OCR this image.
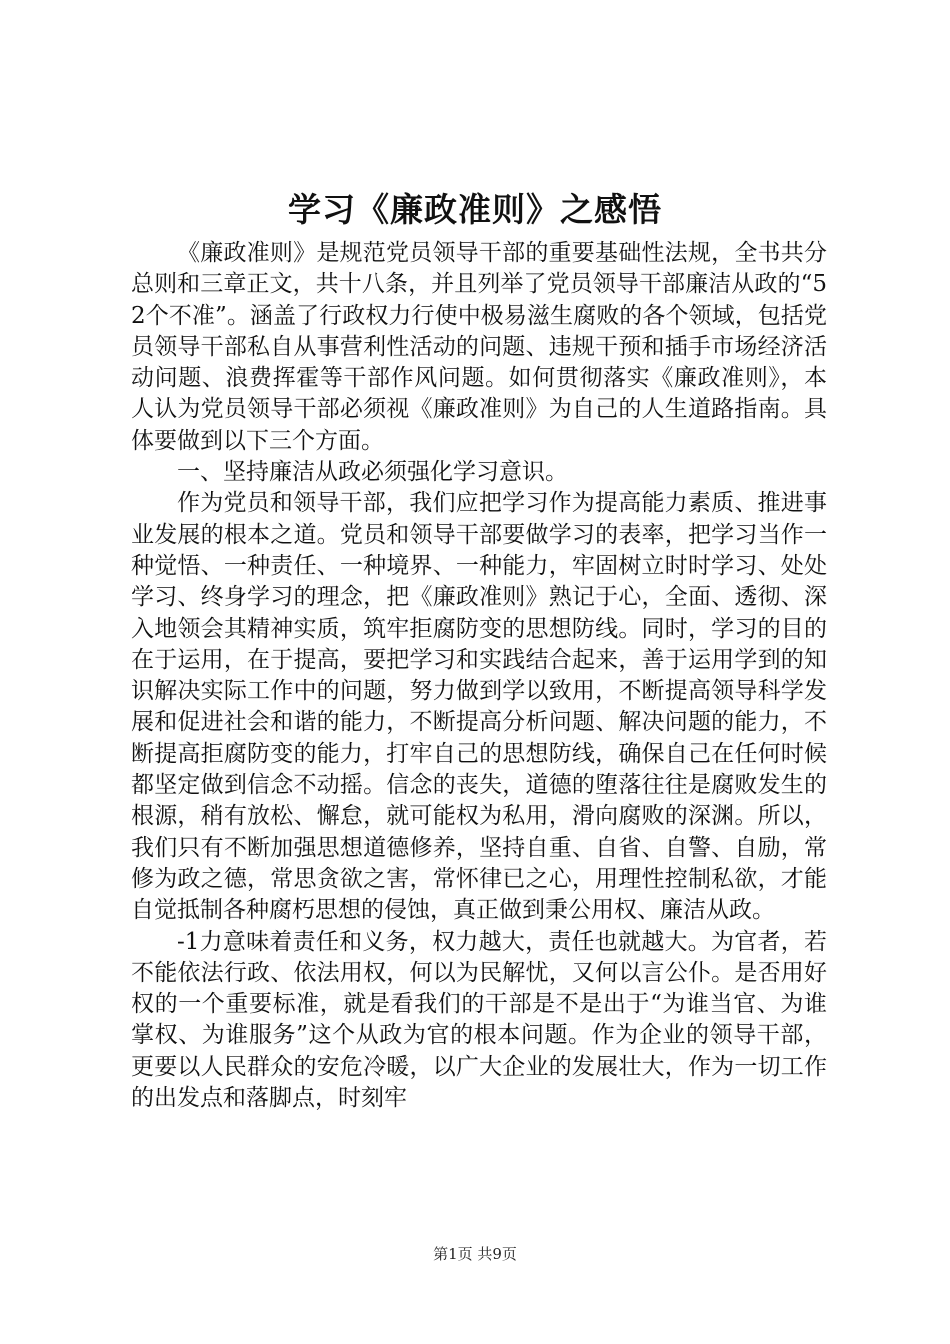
学习《廉政准则》之感悟

《廉政准则》是规范党员领导干部的重要基础性法规，全书共分总则和三章正文，共十八条，并且列举了党员领导干部廉洁从政的“52个不准”。涵盖了行政权力行使中极易滋生腐败的各个领域，包括党员领导干部私自从事营利性活动的问题、违规干预和插手市场经济活动问题、浪费挥霍等干部作风问题。如何贯彻落实《廉政准则》，本人认为党员领导干部必须视《廉政准则》为自己的人生道路指南。具体要做到以下三个方面。

一、坚持廉洁从政必须强化学习意识。

作为党员和领导干部，我们应把学习作为提高能力素质、推进事业发展的根本之道。党员和领导干部要做学习的表率，把学习当作一种觉悟、一种责任、一种境界、一种能力，牢固树立时时学习、处处学习、终身学习的理念，把《廉政准则》熟记于心，全面、透彻、深入地领会其精神实质，筑牢拒腐防变的思想防线。同时，学习的目的在于运用，在于提高，要把学习和实践结合起来，善于运用学到的知识解决实际工作中的问题，努力做到学以致用，不断提高领导科学发展和促进社会和谐的能力，不断提高分析问题、解决问题的能力，不断提高拒腐防变的能力，打牢自己的思想防线，确保自己在任何时候都坚定做到信念不动摇。信念的丧失，道德的堕落往往是腐败发生的根源，稍有放松、懈怠，就可能权为私用，滑向腐败的深渊。所以，我们只有不断加强思想道德修养，坚持自重、自省、自警、自励，常修为政之德，常思贪欲之害，常怀律已之心，用理性控制私欲，才能自觉抵制各种腐朽思想的侵蚀，真正做到秉公用权、廉洁从政。

-1力意味着责任和义务，权力越大，责任也就越大。为官者，若不能依法行政、依法用权，何以为民解忧，又何以言公仆。是否用好权的一个重要标准，就是看我们的干部是不是出于“为谁当官、为谁掌权、为谁服务”这个从政为官的根本问题。作为企业的领导干部，更要以人民群众的安危冷暖，以广大企业的发展壮大，作为一切工作的出发点和落脚点，时刻牢

第1页 共9页
